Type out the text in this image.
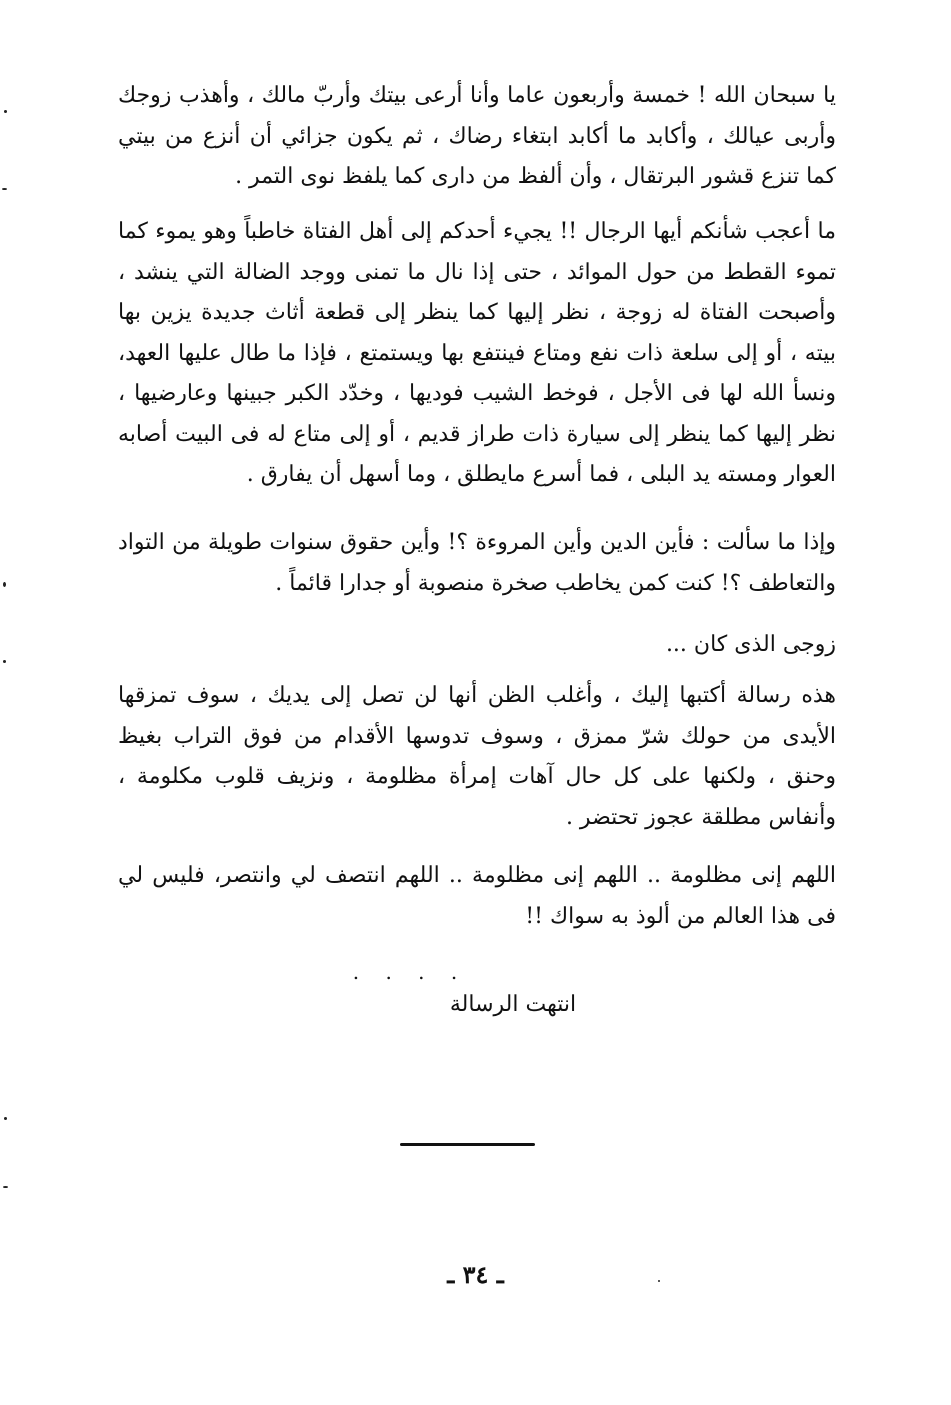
يا سبحان الله ! خمسة وأربعون عاما وأنا أرعى بيتك وأربّ مالك ، وأهذب زوجك وأربى عيالك ، وأكابد ما أكابد ابتغاء رضاك ، ثم يكون جزائي أن أنزع من بيتي كما تنزع قشور البرتقال ، وأن ألفظ من دارى كما يلفظ نوى التمر .

ما أعجب شأنكم أيها الرجال !! يجيء أحدكم إلى أهل الفتاة خاطباً وهو يموء كما تموء القطط من حول الموائد ، حتى إذا نال ما تمنى ووجد الضالة التي ينشد ، وأصبحت الفتاة له زوجة ، نظر إليها كما ينظر إلى قطعة أثاث جديدة يزين بها بيته ، أو إلى سلعة ذات نفع ومتاع فينتفع بها ويستمتع ، فإذا ما طال عليها العهد، ونسأ الله لها فى الأجل ، فوخط الشيب فوديها ، وخدّد الكبر جبينها وعارضيها ، نظر إليها كما ينظر إلى سيارة ذات طراز قديم ، أو إلى متاع له فى البيت أصابه العوار ومسته يد البلى ، فما أسرع مايطلق ، وما أسهل أن يفارق .

وإذا ما سألت : فأين الدين وأين المروءة ؟! وأين حقوق سنوات طويلة من التواد والتعاطف ؟! كنت كمن يخاطب صخرة منصوبة أو جدارا قائماً .

زوجى الذى كان ...

هذه رسالة أكتبها إليك ، وأغلب الظن أنها لن تصل إلى يديك ، سوف تمزقها الأيدى من حولك شرّ ممزق ، وسوف تدوسها الأقدام من فوق التراب بغيظ وحنق ، ولكنها على كل حال آهات إمرأة مظلومة ، ونزيف قلوب مكلومة ، وأنفاس مطلقة عجوز تحتضر .

اللهم إنى مظلومة .. اللهم إنى مظلومة .. اللهم انتصف لي وانتصر، فليس لي فى هذا العالم من ألوذ به سواك !!

. . . .
انتهت الرسالة
ـ ٣٤ ـ
